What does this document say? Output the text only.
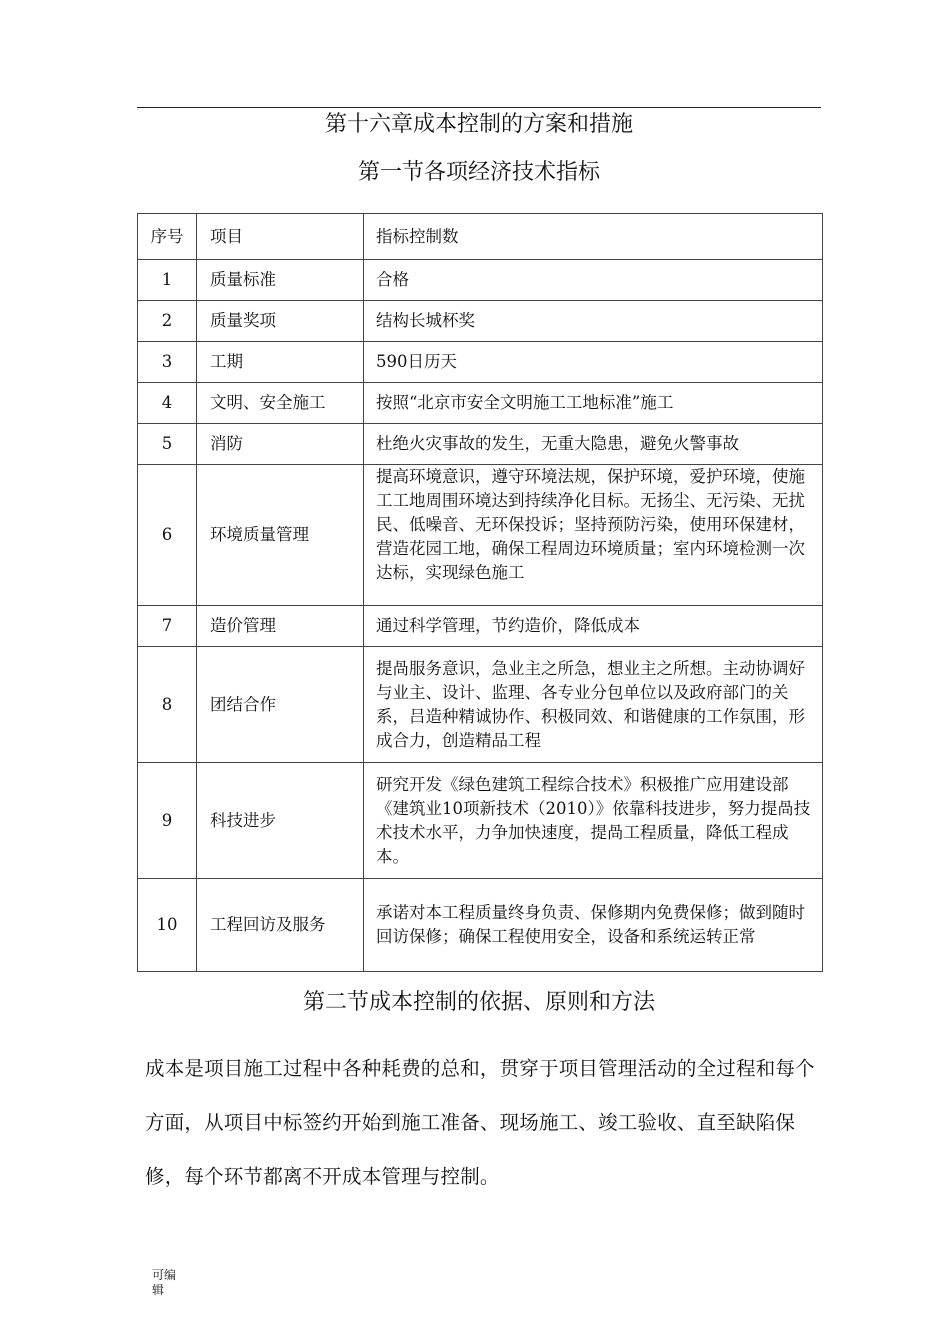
第十六章成本控制的方案和措施
第一节各项经济技术指标
序号	项目	指标控制数
1	质量标准	合格
2	质量奖项	结构长城杯奖
3	工期	590日历天
4	文明、安全施工	按照“北京市安全文明施工工地标准”施工
5	消防	杜绝火灾事故的发生，无重大隐患，避免火警事故
6	环境质量管理	提高环境意识，遵守环境法规，保护环境，爱护环境，使施工工地周围环境达到持续净化目标。无扬尘、无污染、无扰民、低噪音、无环保投诉；坚持预防污染，使用环保建材，营造花园工地，确保工程周边环境质量；室内环境检测一次达标，实现绿色施工

7	造价管理	通过科学管理，节约造价，降低成本
8	团结合作	提咼服务意识，急业主之所急，想业主之所想。主动协调好与业主、设计、监理、各专业分包单位以及政府部门的关系，吕造种精诚协作、积极同效、和谐健康的工作氛围，形成合力，创造精品工程
9	科技进步	研究开发《绿色建筑工程综合技术》积极推广应用建设部《建筑业10项新技术（2010）》依靠科技进步，努力提咼技术技术水平，力争加快速度，提咼工程质量，降低工程成本。
10	工程回访及服务	承诺对本工程质量终身负责、保修期内免费保修；做到随时回访保修；确保工程使用安全，设备和系统运转正常
第二节成本控制的依据、原则和方法
成本是项目施工过程中各种耗费的总和，贯穿于项目管理活动的全过程和每个方面，从项目中标签约开始到施工准备、现场施工、竣工验收、直至缺陷保修，每个环节都离不开成本管理与控制。
可编辑
